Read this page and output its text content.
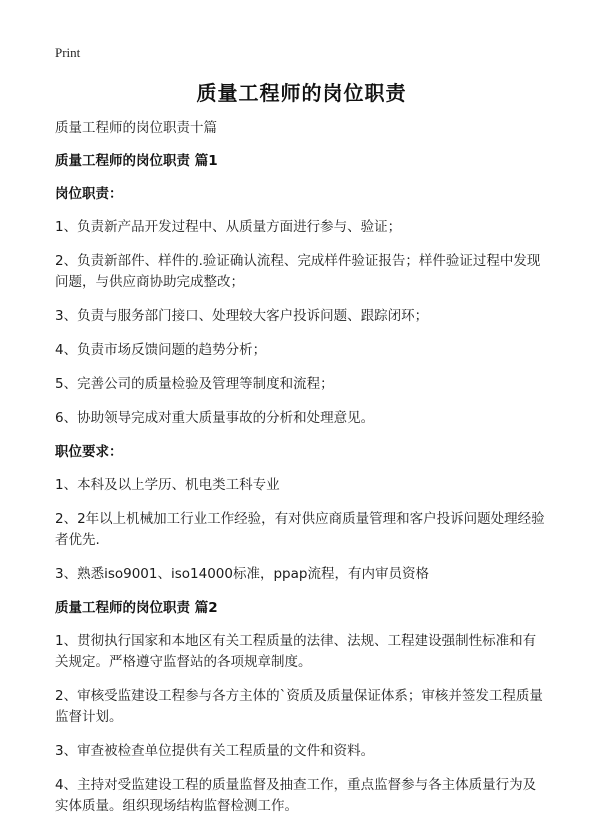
Print
质量工程师的岗位职责
质量工程师的岗位职责十篇
质量工程师的岗位职责 篇1
岗位职责：
1、负责新产品开发过程中、从质量方面进行参与、验证；
2、负责新部件、样件的.验证确认流程、完成样件验证报告；样件验证过程中发现问题，与供应商协助完成整改；
3、负责与服务部门接口、处理较大客户投诉问题、跟踪闭环；
4、负责市场反馈问题的趋势分析；
5、完善公司的质量检验及管理等制度和流程；
6、协助领导完成对重大质量事故的分析和处理意见。
职位要求：
1、本科及以上学历、机电类工科专业
2、2年以上机械加工行业工作经验，有对供应商质量管理和客户投诉问题处理经验者优先.
3、熟悉iso9001、iso14000标准，ppap流程，有内审员资格
质量工程师的岗位职责 篇2
1、贯彻执行国家和本地区有关工程质量的法律、法规、工程建设强制性标准和有关规定。严格遵守监督站的各项规章制度。
2、审核受监建设工程参与各方主体的`资质及质量保证体系；审核并签发工程质量监督计划。
3、审查被检查单位提供有关工程质量的文件和资料。
4、主持对受监建设工程的质量监督及抽查工作，重点监督参与各主体质量行为及实体质量。组织现场结构监督检测工作。
